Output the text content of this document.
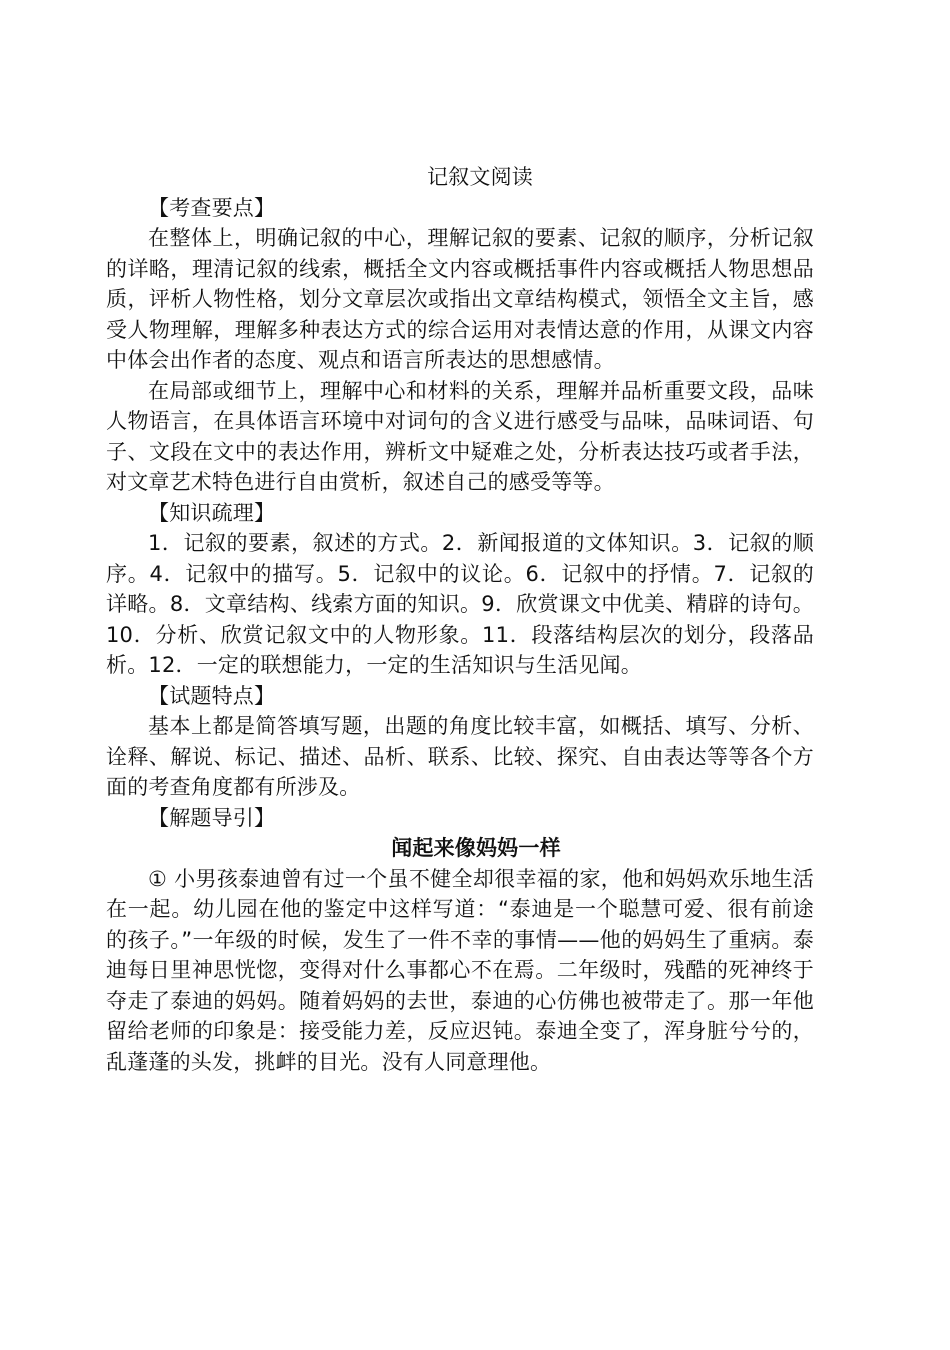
记叙文阅读

【考查要点】

在整体上，明确记叙的中心，理解记叙的要素、记叙的顺序，分析记叙的详略，理清记叙的线索，概括全文内容或概括事件内容或概括人物思想品质，评析人物性格，划分文章层次或指出文章结构模式，领悟全文主旨，感受人物理解，理解多种表达方式的综合运用对表情达意的作用，从课文内容中体会出作者的态度、观点和语言所表达的思想感情。

在局部或细节上，理解中心和材料的关系，理解并品析重要文段，品味人物语言，在具体语言环境中对词句的含义进行感受与品味，品味词语、句子、文段在文中的表达作用，辨析文中疑难之处，分析表达技巧或者手法，对文章艺术特色进行自由赏析，叙述自己的感受等等。

【知识疏理】

1．记叙的要素，叙述的方式。2．新闻报道的文体知识。3．记叙的顺序。4．记叙中的描写。5．记叙中的议论。6．记叙中的抒情。7．记叙的详略。8．文章结构、线索方面的知识。9．欣赏课文中优美、精辟的诗句。10．分析、欣赏记叙文中的人物形象。11．段落结构层次的划分，段落品析。12．一定的联想能力，一定的生活知识与生活见闻。

【试题特点】

基本上都是简答填写题，出题的角度比较丰富，如概括、填写、分析、诠释、解说、标记、描述、品析、联系、比较、探究、自由表达等等各个方面的考查角度都有所涉及。

【解题导引】

闻起来像妈妈一样

① 小男孩泰迪曾有过一个虽不健全却很幸福的家，他和妈妈欢乐地生活在一起。幼儿园在他的鉴定中这样写道：“泰迪是一个聪慧可爱、很有前途的孩子。”一年级的时候，发生了一件不幸的事情——他的妈妈生了重病。泰迪每日里神思恍惚，变得对什么事都心不在焉。二年级时，残酷的死神终于夺走了泰迪的妈妈。随着妈妈的去世，泰迪的心仿佛也被带走了。那一年他留给老师的印象是：接受能力差，反应迟钝。泰迪全变了，浑身脏兮兮的，乱蓬蓬的头发，挑衅的目光。没有人同意理他。
